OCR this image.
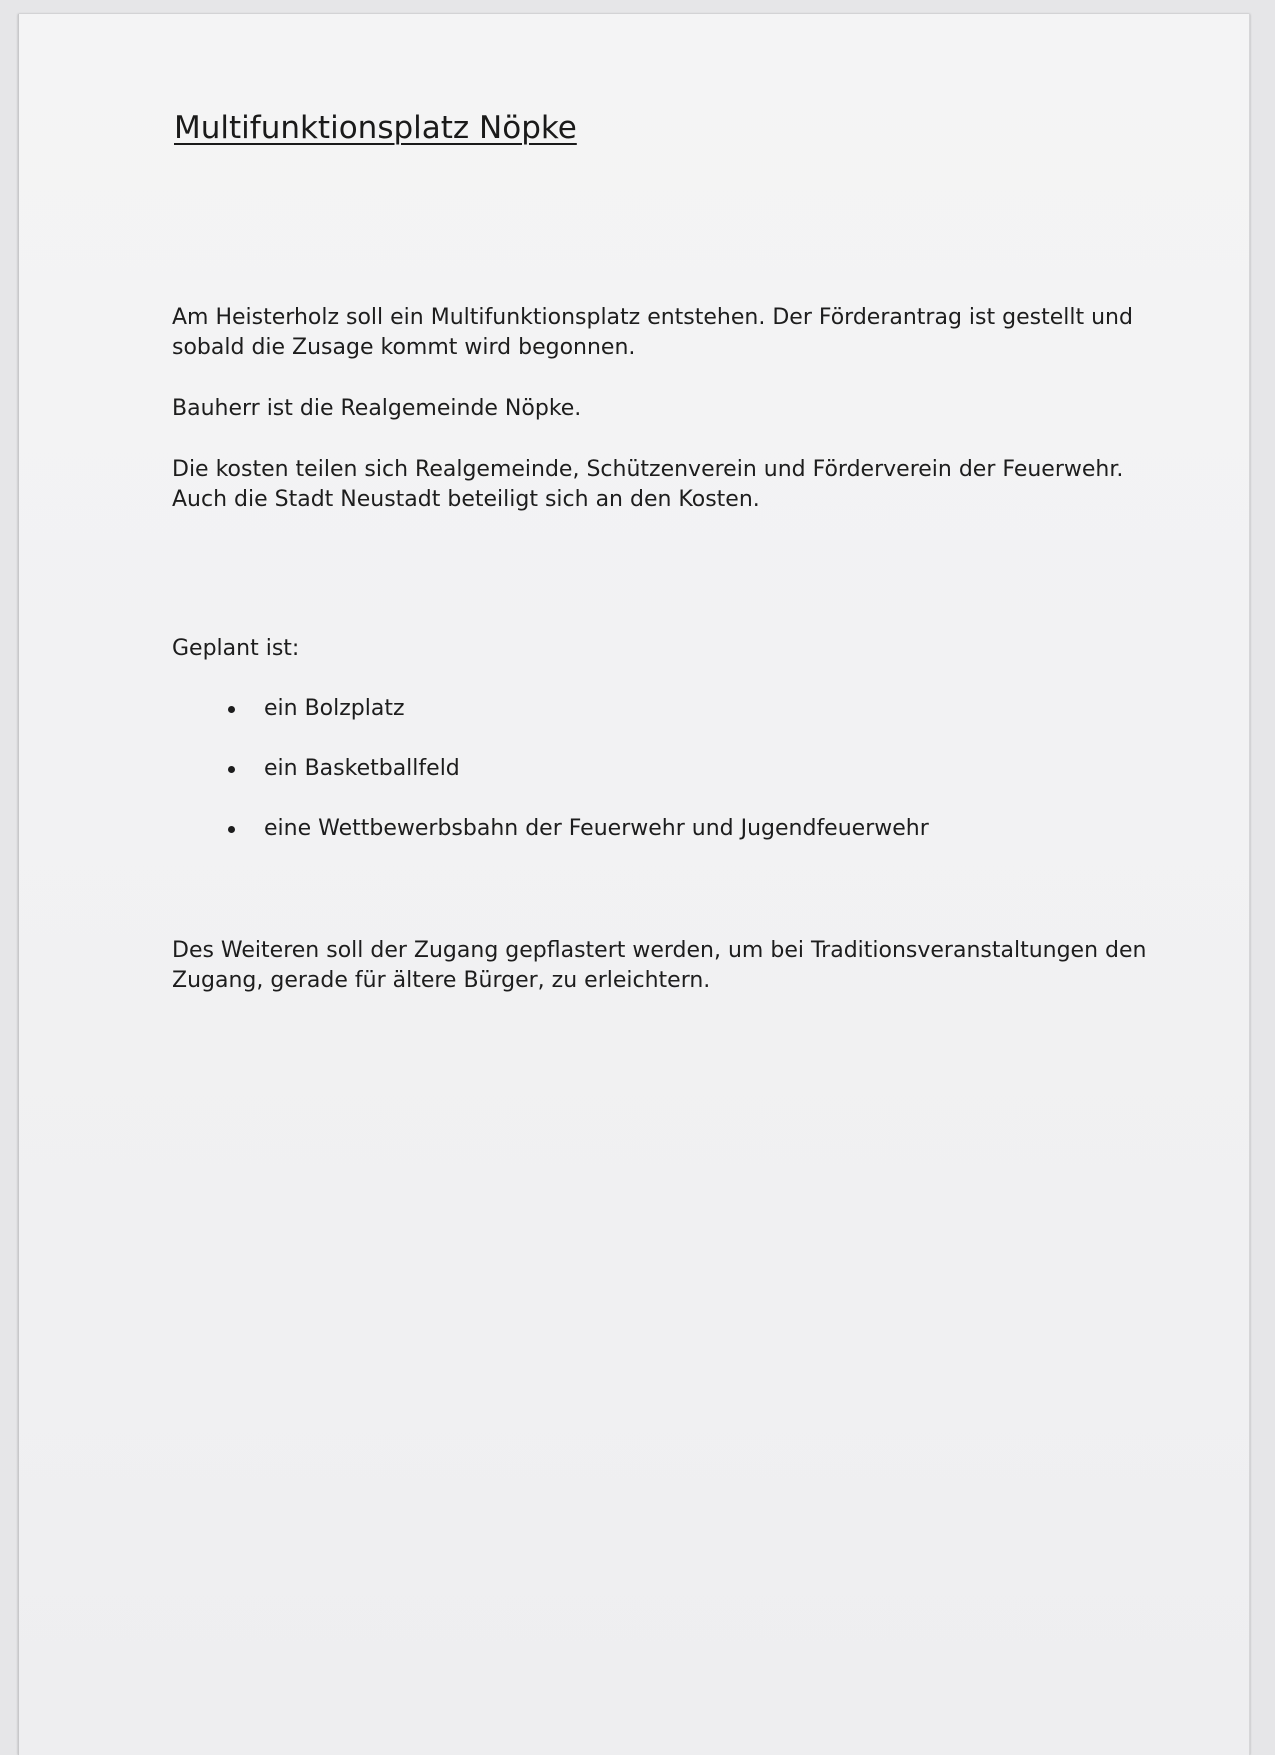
Multifunktionsplatz Nöpke

Am Heisterholz soll ein Multifunktionsplatz entstehen. Der Förderantrag ist gestellt und sobald die Zusage kommt wird begonnen.

Bauherr ist die Realgemeinde Nöpke.

Die kosten teilen sich Realgemeinde, Schützenverein und Förderverein der Feuerwehr. Auch die Stadt Neustadt beteiligt sich an den Kosten.

Geplant ist:

ein Bolzplatz
ein Basketballfeld
eine Wettbewerbsbahn der Feuerwehr und Jugendfeuerwehr

Des Weiteren soll der Zugang gepflastert werden, um bei Traditionsveranstaltungen den Zugang, gerade für ältere Bürger, zu erleichtern.
